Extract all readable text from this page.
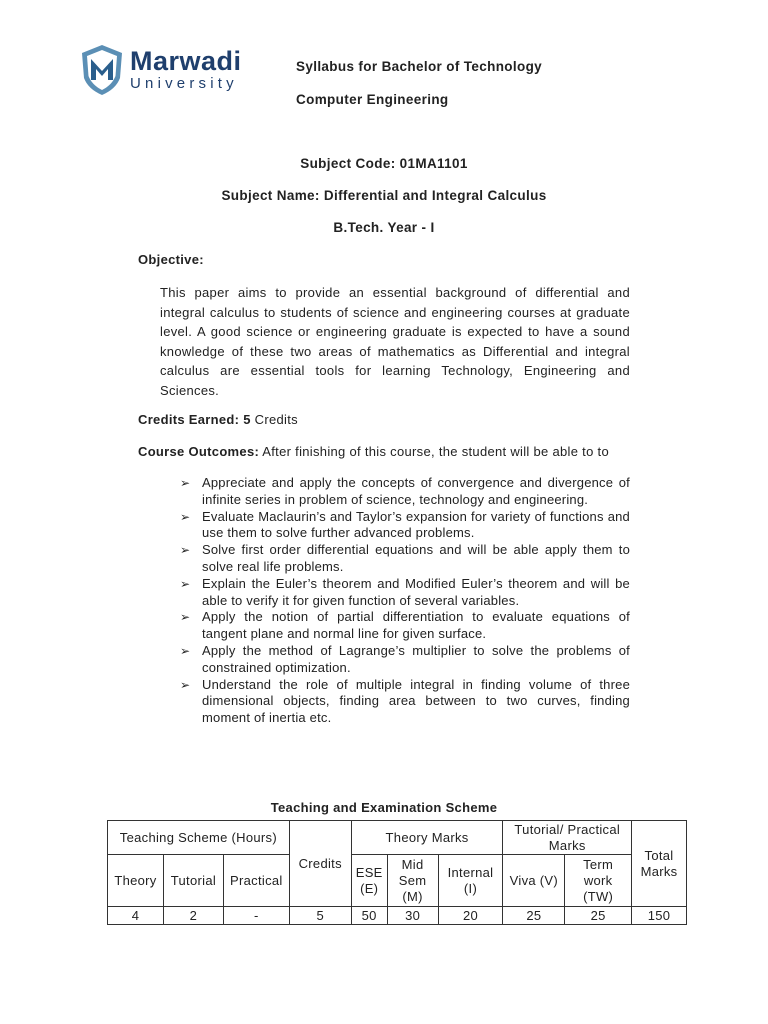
Marwadi
University
Syllabus for Bachelor of Technology
Computer Engineering
Subject Code: 01MA1101
Subject Name: Differential and Integral Calculus
B.Tech. Year - I
Objective:
This paper aims to provide an essential background of differential and integral calculus to students of science and engineering courses at graduate level. A good science or engineering graduate is expected to have a sound knowledge of these two areas of mathematics as Differential and integral calculus are essential tools for learning Technology, Engineering and Sciences.
Credits Earned: 5 Credits
Course Outcomes: After finishing of this course, the student will be able to to
➢ Appreciate and apply the concepts of convergence and divergence of infinite series in problem of science, technology and engineering.
➢ Evaluate Maclaurin’s and Taylor’s expansion for variety of functions and use them to solve further advanced problems.
➢ Solve first order differential equations and will be able apply them to solve real life problems.
➢ Explain the Euler’s theorem and Modified Euler’s theorem and will be able to verify it for given function of several variables.
➢ Apply the notion of partial differentiation to evaluate equations of tangent plane and normal line for given surface.
➢ Apply the method of Lagrange’s multiplier to solve the problems of constrained optimization.
➢ Understand the role of multiple integral in finding volume of three dimensional objects, finding area between to two curves, finding moment of inertia etc.
Teaching and Examination Scheme
Teaching Scheme (Hours)			Credits	Theory Marks			Tutorial/ Practical Marks		Total Marks
Theory	Tutorial	Practical		ESE (E)	Mid Sem (M)	Internal (I)	Viva (V)	Term work (TW)	
4	2	-	5	50	30	20	25	25	150
